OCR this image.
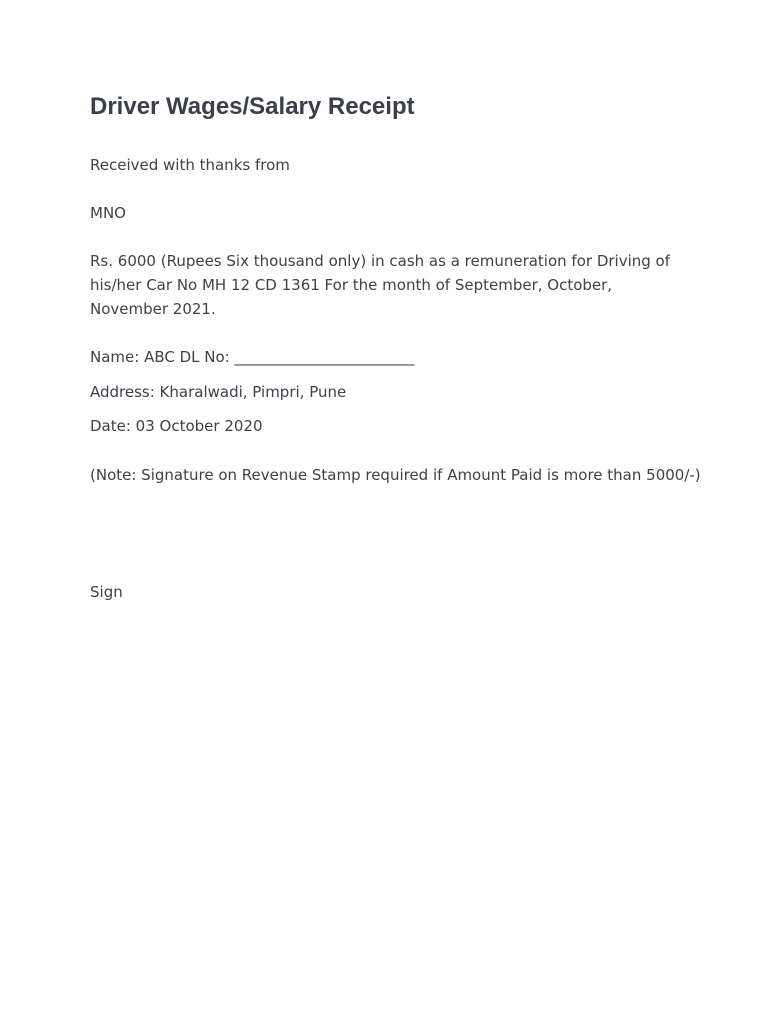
Driver Wages/Salary Receipt

Received with thanks from

MNO

Rs. 6000 (Rupees Six thousand only) in cash as a remuneration for Driving of his/her Car No MH 12 CD 1361 For the month of September, October, November 2021.

Name: ABC DL No: ________________________

Address: Kharalwadi, Pimpri, Pune

Date: 03 October 2020

(Note: Signature on Revenue Stamp required if Amount Paid is more than 5000/-)

Sign
